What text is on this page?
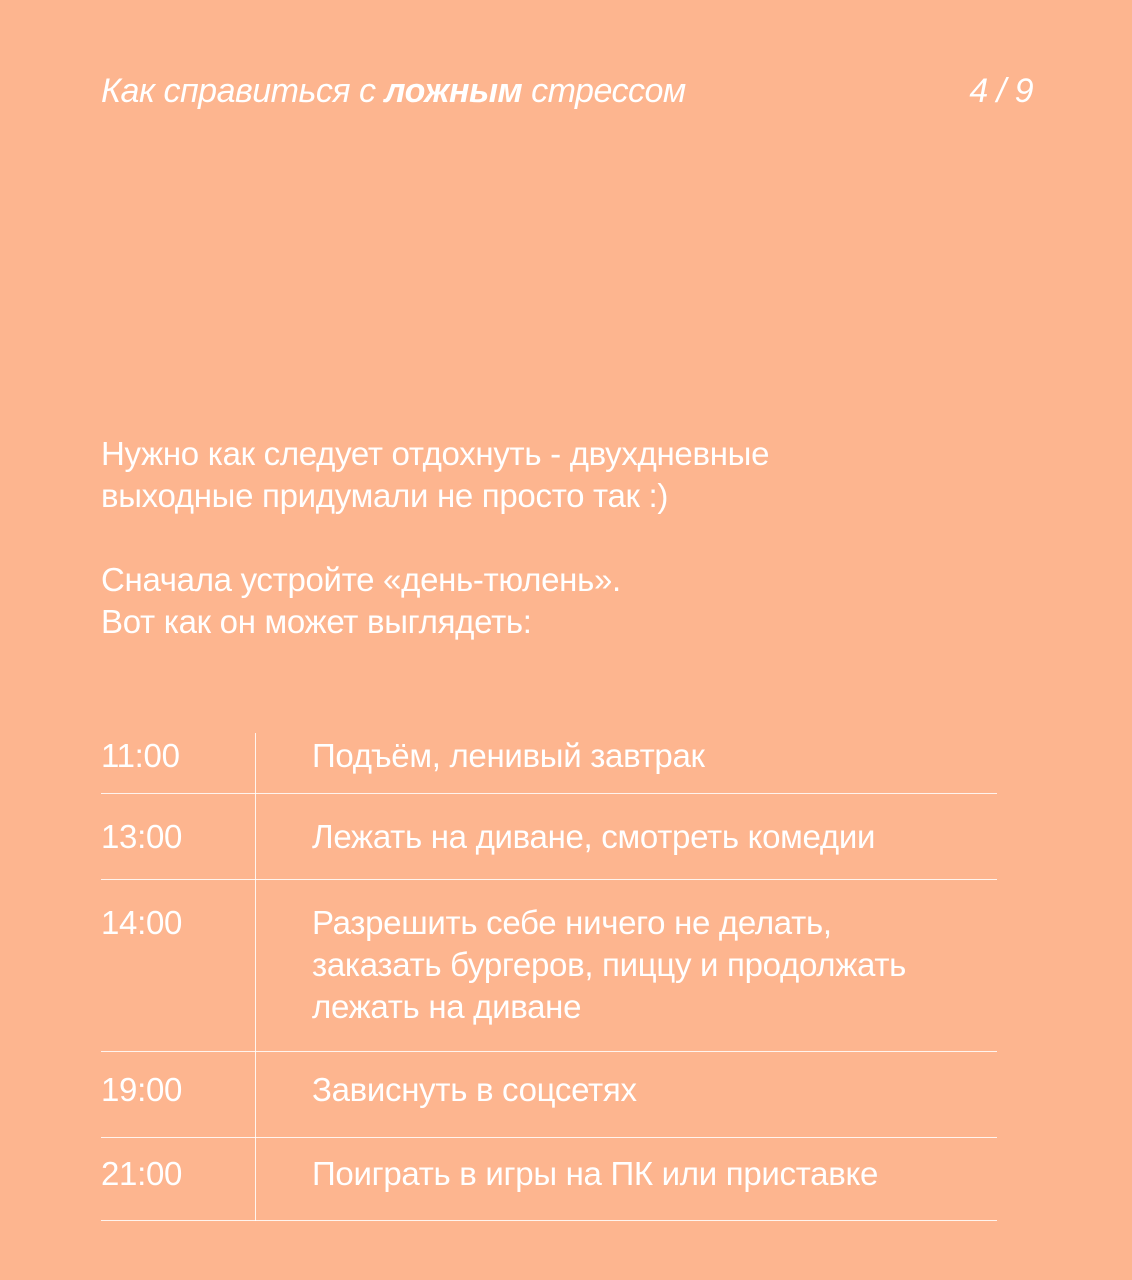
Как справиться с ложным стрессом	4 / 9

Нужно как следует отдохнуть - двухдневные
выходные придумали не просто так :)

Сначала устройте «день-тюлень».
Вот как он может выглядеть:

11:00	Подъём, ленивый завтрак
13:00	Лежать на диване, смотреть комедии
14:00	Разрешить себе ничего не делать,
заказать бургеров, пиццу и продолжать
лежать на диване
19:00	Зависнуть в соцсетях
21:00	Поиграть в игры на ПК или приставке
